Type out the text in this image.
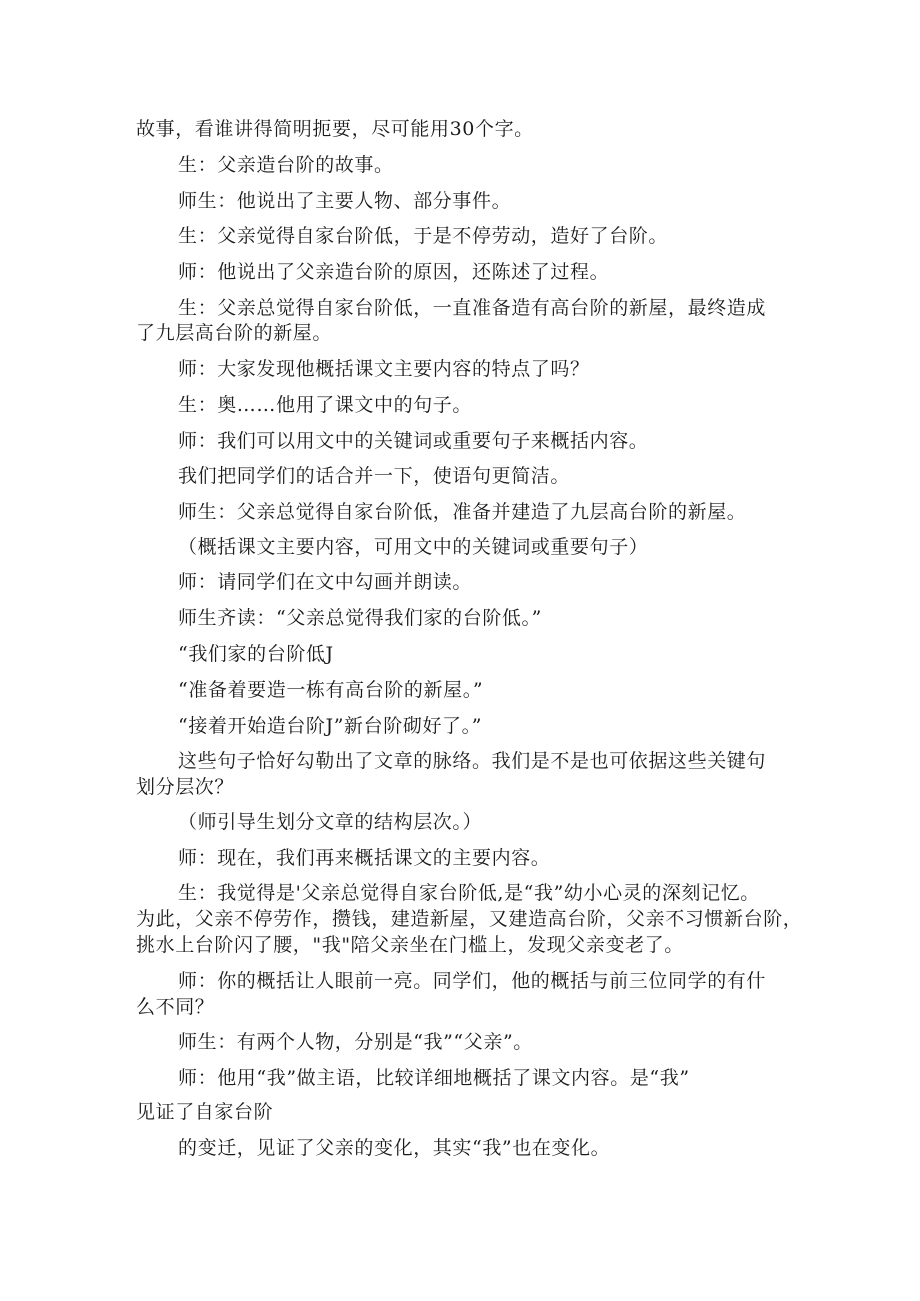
故事，看谁讲得简明扼要，尽可能用30个字。
生：父亲造台阶的故事。
师生：他说出了主要人物、部分事件。
生：父亲觉得自家台阶低，于是不停劳动，造好了台阶。
师：他说出了父亲造台阶的原因，还陈述了过程。
生：父亲总觉得自家台阶低，一直准备造有高台阶的新屋，最终造成
了九层高台阶的新屋。
师：大家发现他概括课文主要内容的特点了吗？
生：奥……他用了课文中的句子。
师：我们可以用文中的关键词或重要句子来概括内容。
我们把同学们的话合并一下，使语句更简洁。
师生：父亲总觉得自家台阶低，准备并建造了九层高台阶的新屋。
（概括课文主要内容，可用文中的关键词或重要句子）
师：请同学们在文中勾画并朗读。
师生齐读：“父亲总觉得我们家的台阶低。”
“我们家的台阶低J
“准备着要造一栋有高台阶的新屋。”
“接着开始造台阶J”新台阶砌好了。”
这些句子恰好勾勒出了文章的脉络。我们是不是也可依据这些关键句
划分层次？
（师引导生划分文章的结构层次。）
师：现在，我们再来概括课文的主要内容。
生：我觉得是'父亲总觉得自家台阶低,是“我”幼小心灵的深刻记忆。
为此，父亲不停劳作，攒钱，建造新屋，又建造高台阶，父亲不习惯新台阶，
挑水上台阶闪了腰，"我"陪父亲坐在门槛上，发现父亲变老了。
师：你的概括让人眼前一亮。同学们，他的概括与前三位同学的有什
么不同？
师生：有两个人物，分别是“我”“父亲”。
师：他用“我”做主语，比较详细地概括了课文内容。是“我”
见证了自家台阶
的变迁，见证了父亲的变化，其实“我”也在变化。
